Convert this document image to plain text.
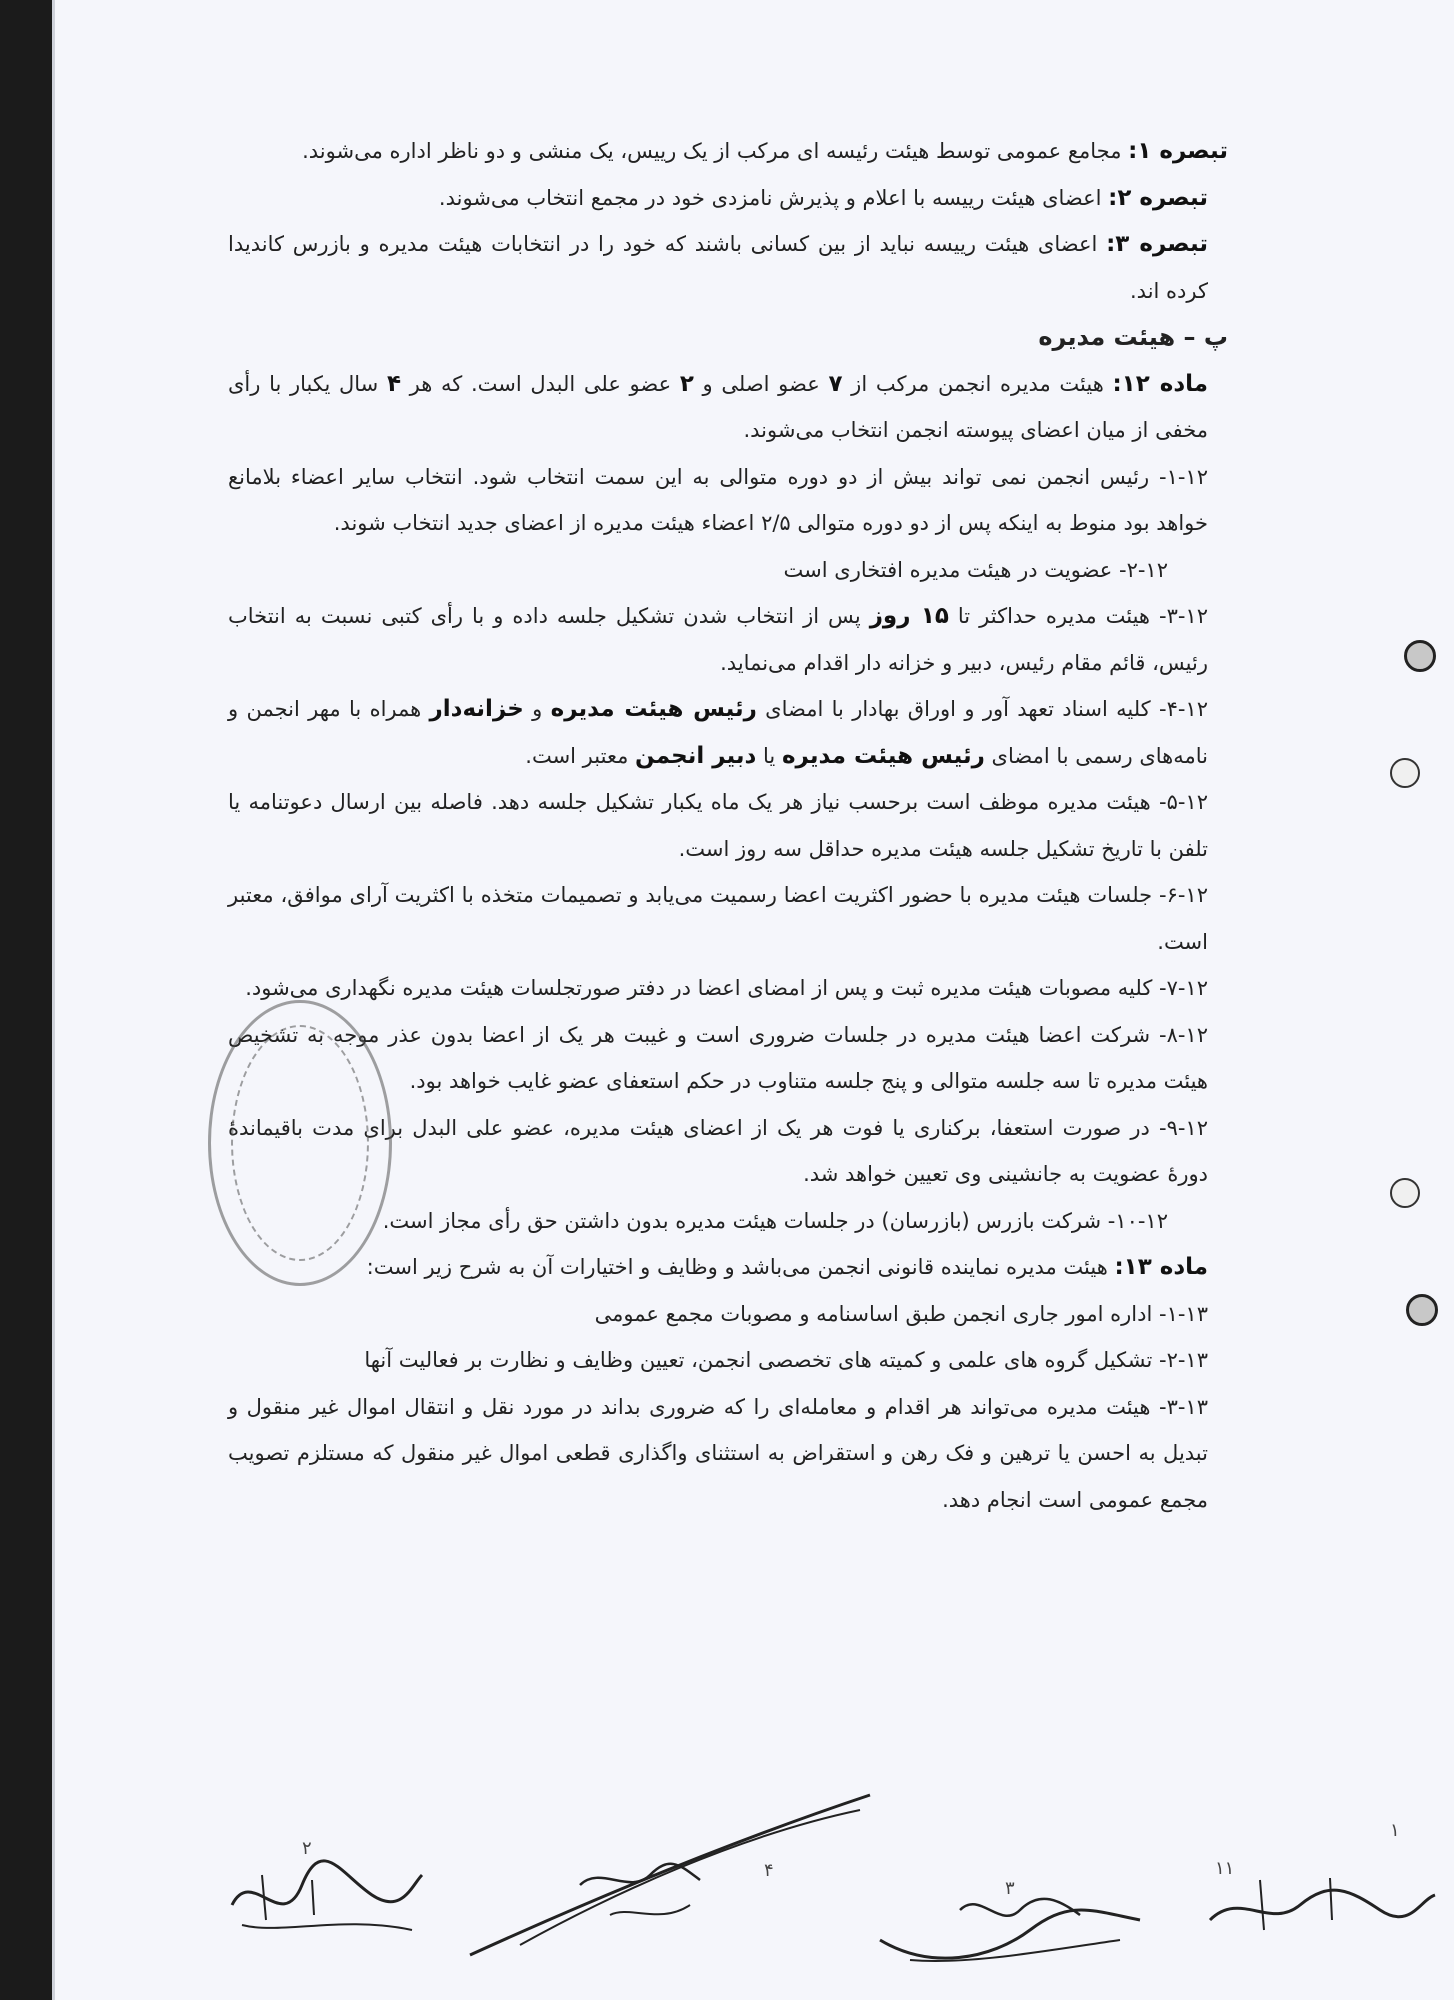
تبصره ۱: مجامع عمومی توسط هیئت رئیسه ای مرکب از یک رییس، یک منشی و دو ناظر اداره می‌شوند.

تبصره ۲: اعضای هیئت رییسه با اعلام و پذیرش نامزدی خود در مجمع انتخاب می‌شوند.

تبصره ۳: اعضای هیئت رییسه نباید از بین کسانی باشند که خود را در انتخابات هیئت مدیره و بازرس کاندیدا کرده اند.

پ – هیئت مدیره

ماده ۱۲: هیئت مدیره انجمن مرکب از ۷ عضو اصلی و ۲ عضو علی البدل است. که هر ۴ سال یکبار با رأی مخفی از میان اعضای پیوسته انجمن انتخاب می‌شوند.

۱-۱۲- رئیس انجمن نمی تواند بیش از دو دوره متوالی به این سمت انتخاب شود. انتخاب سایر اعضاء بلامانع خواهد بود منوط به اینکه پس از دو دوره متوالی ۲/۵ اعضاء هیئت مدیره از اعضای جدید انتخاب شوند.

۲-۱۲- عضویت در هیئت مدیره افتخاری است

۳-۱۲- هیئت مدیره حداکثر تا ۱۵ روز پس از انتخاب شدن تشکیل جلسه داده و با رأی کتبی نسبت به انتخاب رئیس، قائم مقام رئیس، دبیر و خزانه دار اقدام می‌نماید.

۴-۱۲- کلیه اسناد تعهد آور و اوراق بهادار با امضای رئیس هیئت مدیره و خزانه‌دار همراه با مهر انجمن و نامه‌های رسمی با امضای رئیس هیئت مدیره یا دبیر انجمن معتبر است.

۵-۱۲- هیئت مدیره موظف است برحسب نیاز هر یک ماه یکبار تشکیل جلسه دهد. فاصله بین ارسال دعوتنامه یا تلفن با تاریخ تشکیل جلسه هیئت مدیره حداقل سه روز است.

۶-۱۲- جلسات هیئت مدیره با حضور اکثریت اعضا رسمیت می‌یابد و تصمیمات متخذه با اکثریت آرای موافق، معتبر است.

۷-۱۲- کلیه مصوبات هیئت مدیره ثبت و پس از امضای اعضا در دفتر صورتجلسات هیئت مدیره نگهداری می‌شود.

۸-۱۲- شرکت اعضا هیئت مدیره در جلسات ضروری است و غیبت هر یک از اعضا بدون عذر موجه به تشخیص هیئت مدیره تا سه جلسه متوالی و پنج جلسه متناوب در حکم استعفای عضو غایب خواهد بود.

۹-۱۲- در صورت استعفا، برکناری یا فوت هر یک از اعضای هیئت مدیره، عضو علی البدل برای مدت باقیماندهٔ دورهٔ عضویت به جانشینی وی تعیین خواهد شد.

۱۰-۱۲- شرکت بازرس (بازرسان) در جلسات هیئت مدیره بدون داشتن حق رأی مجاز است.

ماده ۱۳: هیئت مدیره نماینده قانونی انجمن می‌باشد و وظایف و اختیارات آن به شرح زیر است:

۱-۱۳- اداره امور جاری انجمن طبق اساسنامه و مصوبات مجمع عمومی

۲-۱۳- تشکیل گروه های علمی و کمیته های تخصصی انجمن، تعیین وظایف و نظارت بر فعالیت آنها

۳-۱۳- هیئت مدیره می‌تواند هر اقدام و معامله‌ای را که ضروری بداند در مورد نقل و انتقال اموال غیر منقول و تبدیل به احسن یا ترهین و فک رهن و استقراض به استثنای واگذاری قطعی اموال غیر منقول که مستلزم تصویب مجمع عمومی است انجام دهد.

۲
۳
۴
۱
۱۱
